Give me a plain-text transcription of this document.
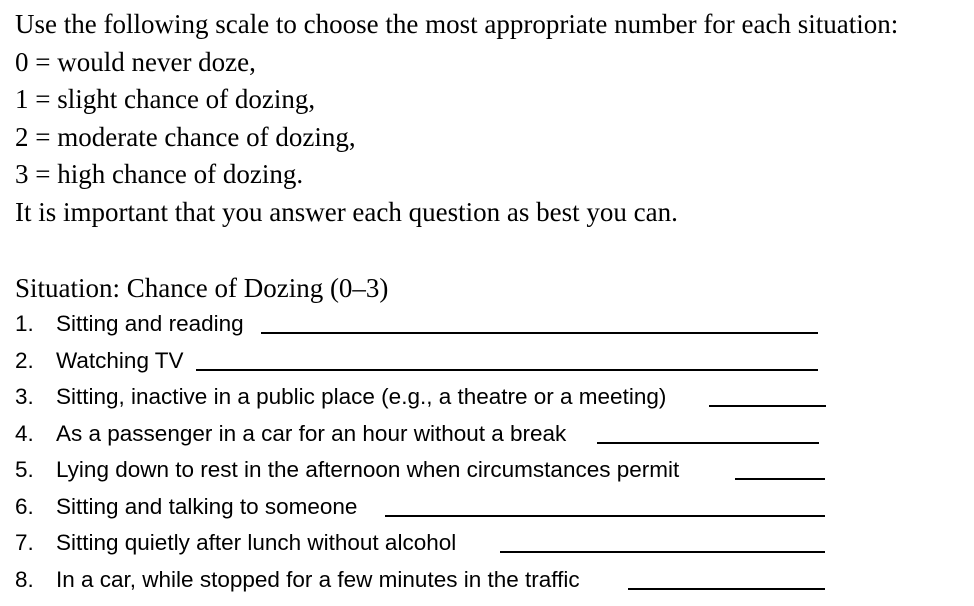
Use the following scale to choose the most appropriate number for each situation:
0 = would never doze,
1 = slight chance of dozing,
2 = moderate chance of dozing,
3 = high chance of dozing.
It is important that you answer each question as best you can.
Situation: Chance of Dozing (0–3)
1. Sitting and reading
2. Watching TV
3. Sitting, inactive in a public place (e.g., a theatre or a meeting)
4. As a passenger in a car for an hour without a break
5. Lying down to rest in the afternoon when circumstances permit
6. Sitting and talking to someone
7. Sitting quietly after lunch without alcohol
8. In a car, while stopped for a few minutes in the traffic
